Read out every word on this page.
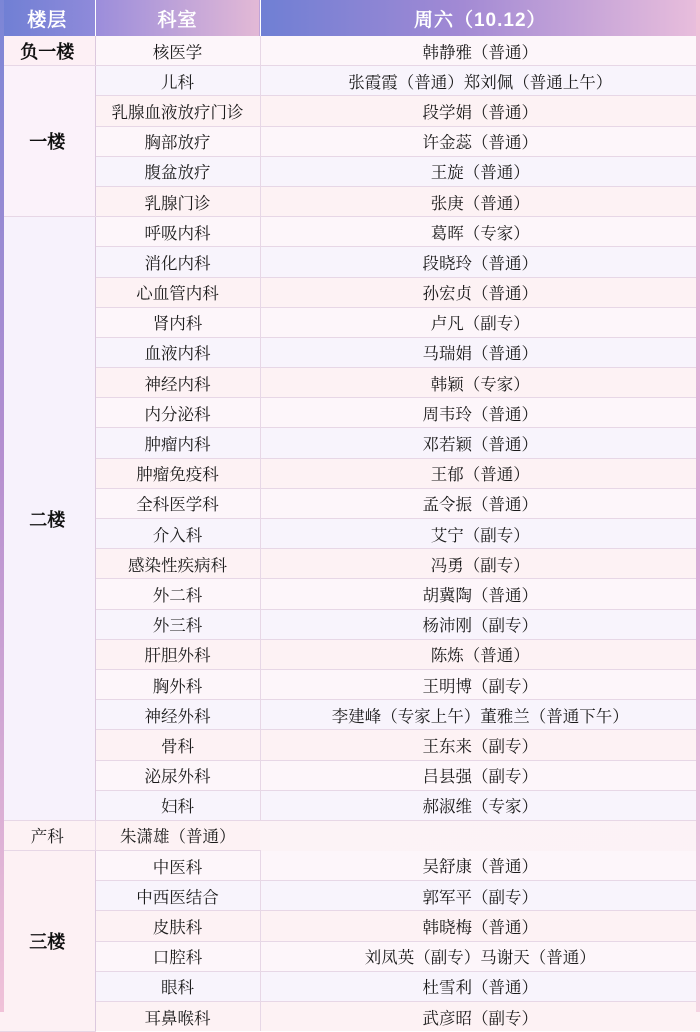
楼层	科室	周六（10.12）
负一楼	核医学	韩静雅（普通）
一楼	儿科	张霞霞（普通）郑刘佩（普通上午）
	乳腺血液放疗门诊	段学娟（普通）
	胸部放疗	许金蕊（普通）
	腹盆放疗	王旋（普通）
	乳腺门诊	张庚（普通）
二楼	呼吸内科	葛晖（专家）
	消化内科	段晓玲（普通）
	心血管内科	孙宏贞（普通）
	肾内科	卢凡（副专）
	血液内科	马瑞娟（普通）
	神经内科	韩颖（专家）
	内分泌科	周韦玲（普通）
	肿瘤内科	邓若颖（普通）
	肿瘤免疫科	王郁（普通）
	全科医学科	孟令振（普通）
	介入科	艾宁（副专）
	感染性疾病科	冯勇（副专）
	外二科	胡冀陶（普通）
	外三科	杨沛刚（副专）
	肝胆外科	陈炼（普通）
	胸外科	王明博（副专）
	神经外科	李建峰（专家上午）董雅兰（普通下午）
	骨科	王东来（副专）
	泌尿外科	吕县强（副专）
	妇科	郝淑维（专家）
产科	朱潇雄（普通）	
三楼	中医科	吴舒康（普通）
	中西医结合	郭军平（副专）
	皮肤科	韩晓梅（普通）
	口腔科	刘凤英（副专）马谢天（普通）
	眼科	杜雪利（普通）
	耳鼻喉科	武彦昭（副专）
